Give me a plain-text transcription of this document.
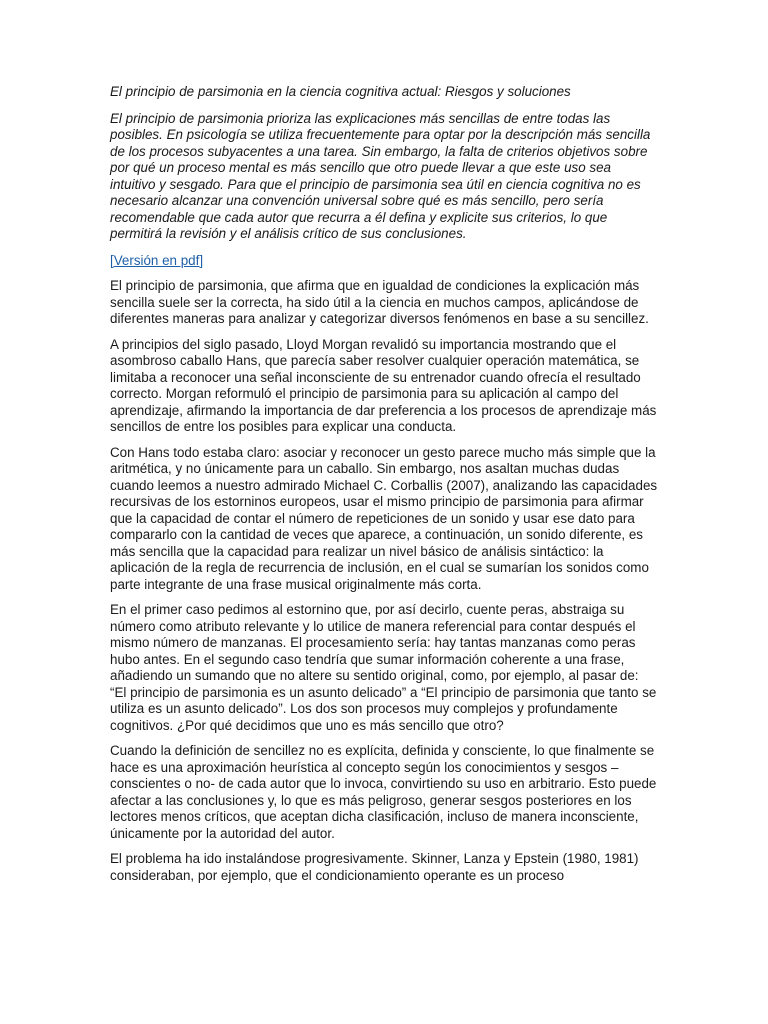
El principio de parsimonia en la ciencia cognitiva actual: Riesgos y soluciones

El principio de parsimonia prioriza las explicaciones más sencillas de entre todas las posibles. En psicología se utiliza frecuentemente para optar por la descripción más sencilla de los procesos subyacentes a una tarea. Sin embargo, la falta de criterios objetivos sobre por qué un proceso mental es más sencillo que otro puede llevar a que este uso sea intuitivo y sesgado. Para que el principio de parsimonia sea útil en ciencia cognitiva no es necesario alcanzar una convención universal sobre qué es más sencillo, pero sería recomendable que cada autor que recurra a él defina y explicite sus criterios, lo que permitirá la revisión y el análisis crítico de sus conclusiones.

[Versión en pdf]

El principio de parsimonia, que afirma que en igualdad de condiciones la explicación más sencilla suele ser la correcta, ha sido útil a la ciencia en muchos campos, aplicándose de diferentes maneras para analizar y categorizar diversos fenómenos en base a su sencillez.

A principios del siglo pasado, Lloyd Morgan revalidó su importancia mostrando que el asombroso caballo Hans, que parecía saber resolver cualquier operación matemática, se limitaba a reconocer una señal inconsciente de su entrenador cuando ofrecía el resultado correcto. Morgan reformuló el principio de parsimonia para su aplicación al campo del aprendizaje, afirmando la importancia de dar preferencia a los procesos de aprendizaje más sencillos de entre los posibles para explicar una conducta.

Con Hans todo estaba claro: asociar y reconocer un gesto parece mucho más simple que la aritmética, y no únicamente para un caballo. Sin embargo, nos asaltan muchas dudas cuando leemos a nuestro admirado Michael C. Corballis (2007), analizando las capacidades recursivas de los estorninos europeos, usar el mismo principio de parsimonia para afirmar que la capacidad de contar el número de repeticiones de un sonido y usar ese dato para compararlo con la cantidad de veces que aparece, a continuación, un sonido diferente, es más sencilla que la capacidad para realizar un nivel básico de análisis sintáctico: la aplicación de la regla de recurrencia de inclusión, en el cual se sumarían los sonidos como parte integrante de una frase musical originalmente más corta.

En el primer caso pedimos al estornino que, por así decirlo, cuente peras, abstraiga su número como atributo relevante y lo utilice de manera referencial para contar después el mismo número de manzanas. El procesamiento sería: hay tantas manzanas como peras hubo antes. En el segundo caso tendría que sumar información coherente a una frase, añadiendo un sumando que no altere su sentido original, como, por ejemplo, al pasar de: “El principio de parsimonia es un asunto delicado” a “El principio de parsimonia que tanto se utiliza es un asunto delicado”. Los dos son procesos muy complejos y profundamente cognitivos. ¿Por qué decidimos que uno es más sencillo que otro?

Cuando la definición de sencillez no es explícita, definida y consciente, lo que finalmente se hace es una aproximación heurística al concepto según los conocimientos y sesgos –conscientes o no- de cada autor que lo invoca, convirtiendo su uso en arbitrario. Esto puede afectar a las conclusiones y, lo que es más peligroso, generar sesgos posteriores en los lectores menos críticos, que aceptan dicha clasificación, incluso de manera inconsciente, únicamente por la autoridad del autor.

El problema ha ido instalándose progresivamente. Skinner, Lanza y Epstein (1980, 1981) consideraban, por ejemplo, que el condicionamiento operante es un proceso
